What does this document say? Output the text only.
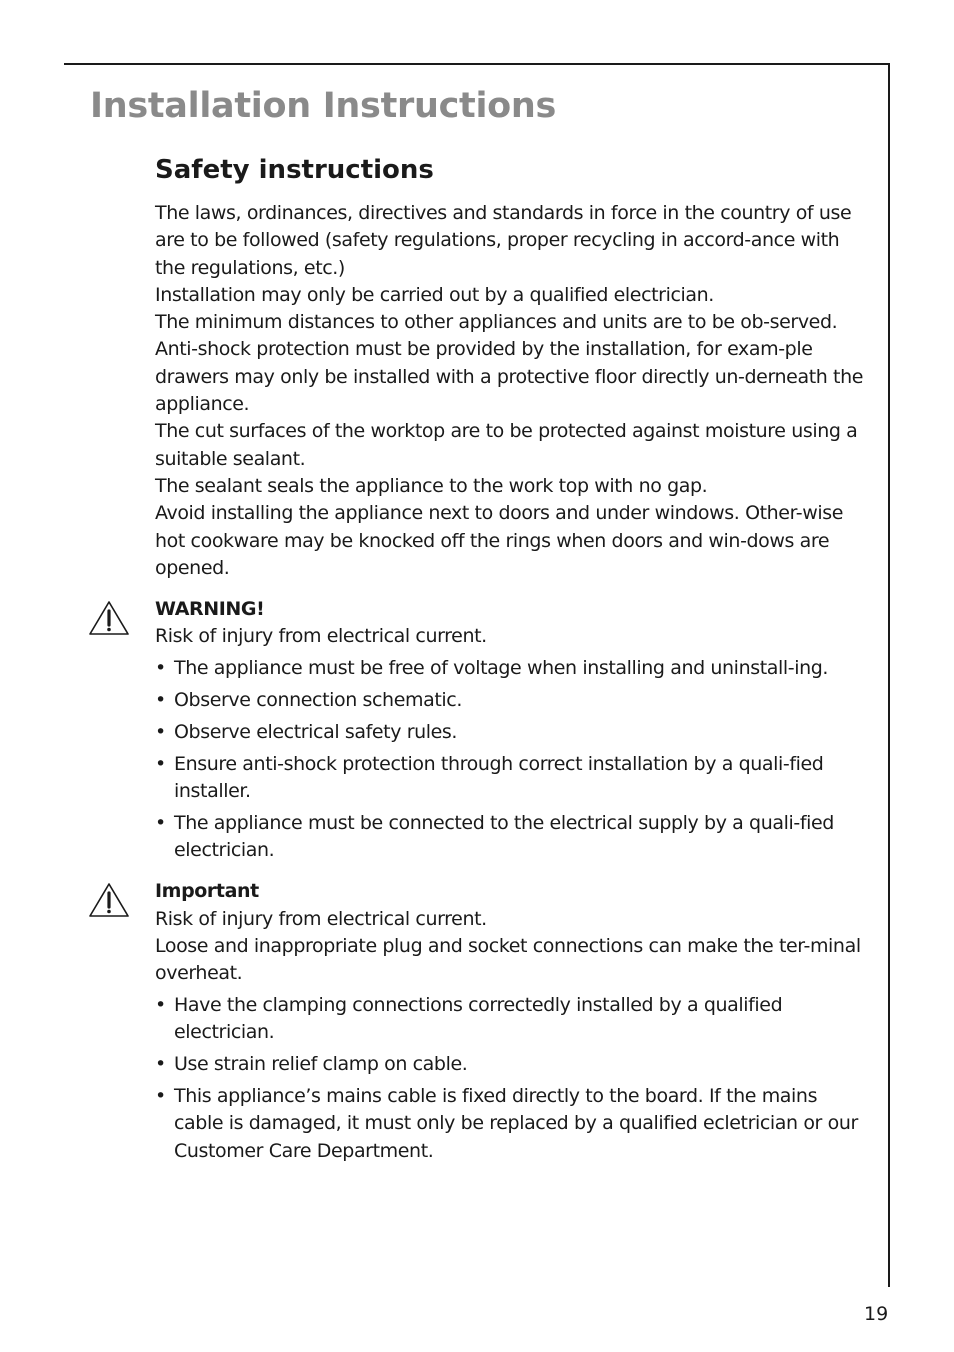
Installation Instructions
Safety instructions

The laws, ordinances, directives and standards in force in the country of use are to be followed (safety regulations, proper recycling in accord-ance with the regulations, etc.)

Installation may only be carried out by a qualified electrician.

The minimum distances to other appliances and units are to be ob-served.

Anti-shock protection must be provided by the installation, for exam-ple drawers may only be installed with a protective floor directly un-derneath the appliance.

The cut surfaces of the worktop are to be protected against moisture using a suitable sealant.

The sealant seals the appliance to the work top with no gap.

Avoid installing the appliance next to doors and under windows. Other-wise hot cookware may be knocked off the rings when doors and win-dows are opened.

WARNING!

Risk of injury from electrical current.

• The appliance must be free of voltage when installing and uninstall-ing.
• Observe connection schematic.
• Observe electrical safety rules.
• Ensure anti-shock protection through correct installation by a quali-fied installer.
• The appliance must be connected to the electrical supply by a quali-fied electrician.

Important

Risk of injury from electrical current.

Loose and inappropriate plug and socket connections can make the ter-minal overheat.

• Have the clamping connections correctedly installed by a qualified electrician.
• Use strain relief clamp on cable.
• This appliance’s mains cable is fixed directly to the board. If the mains cable is damaged, it must only be replaced by a qualified ecletrician or our Customer Care Department.
19
